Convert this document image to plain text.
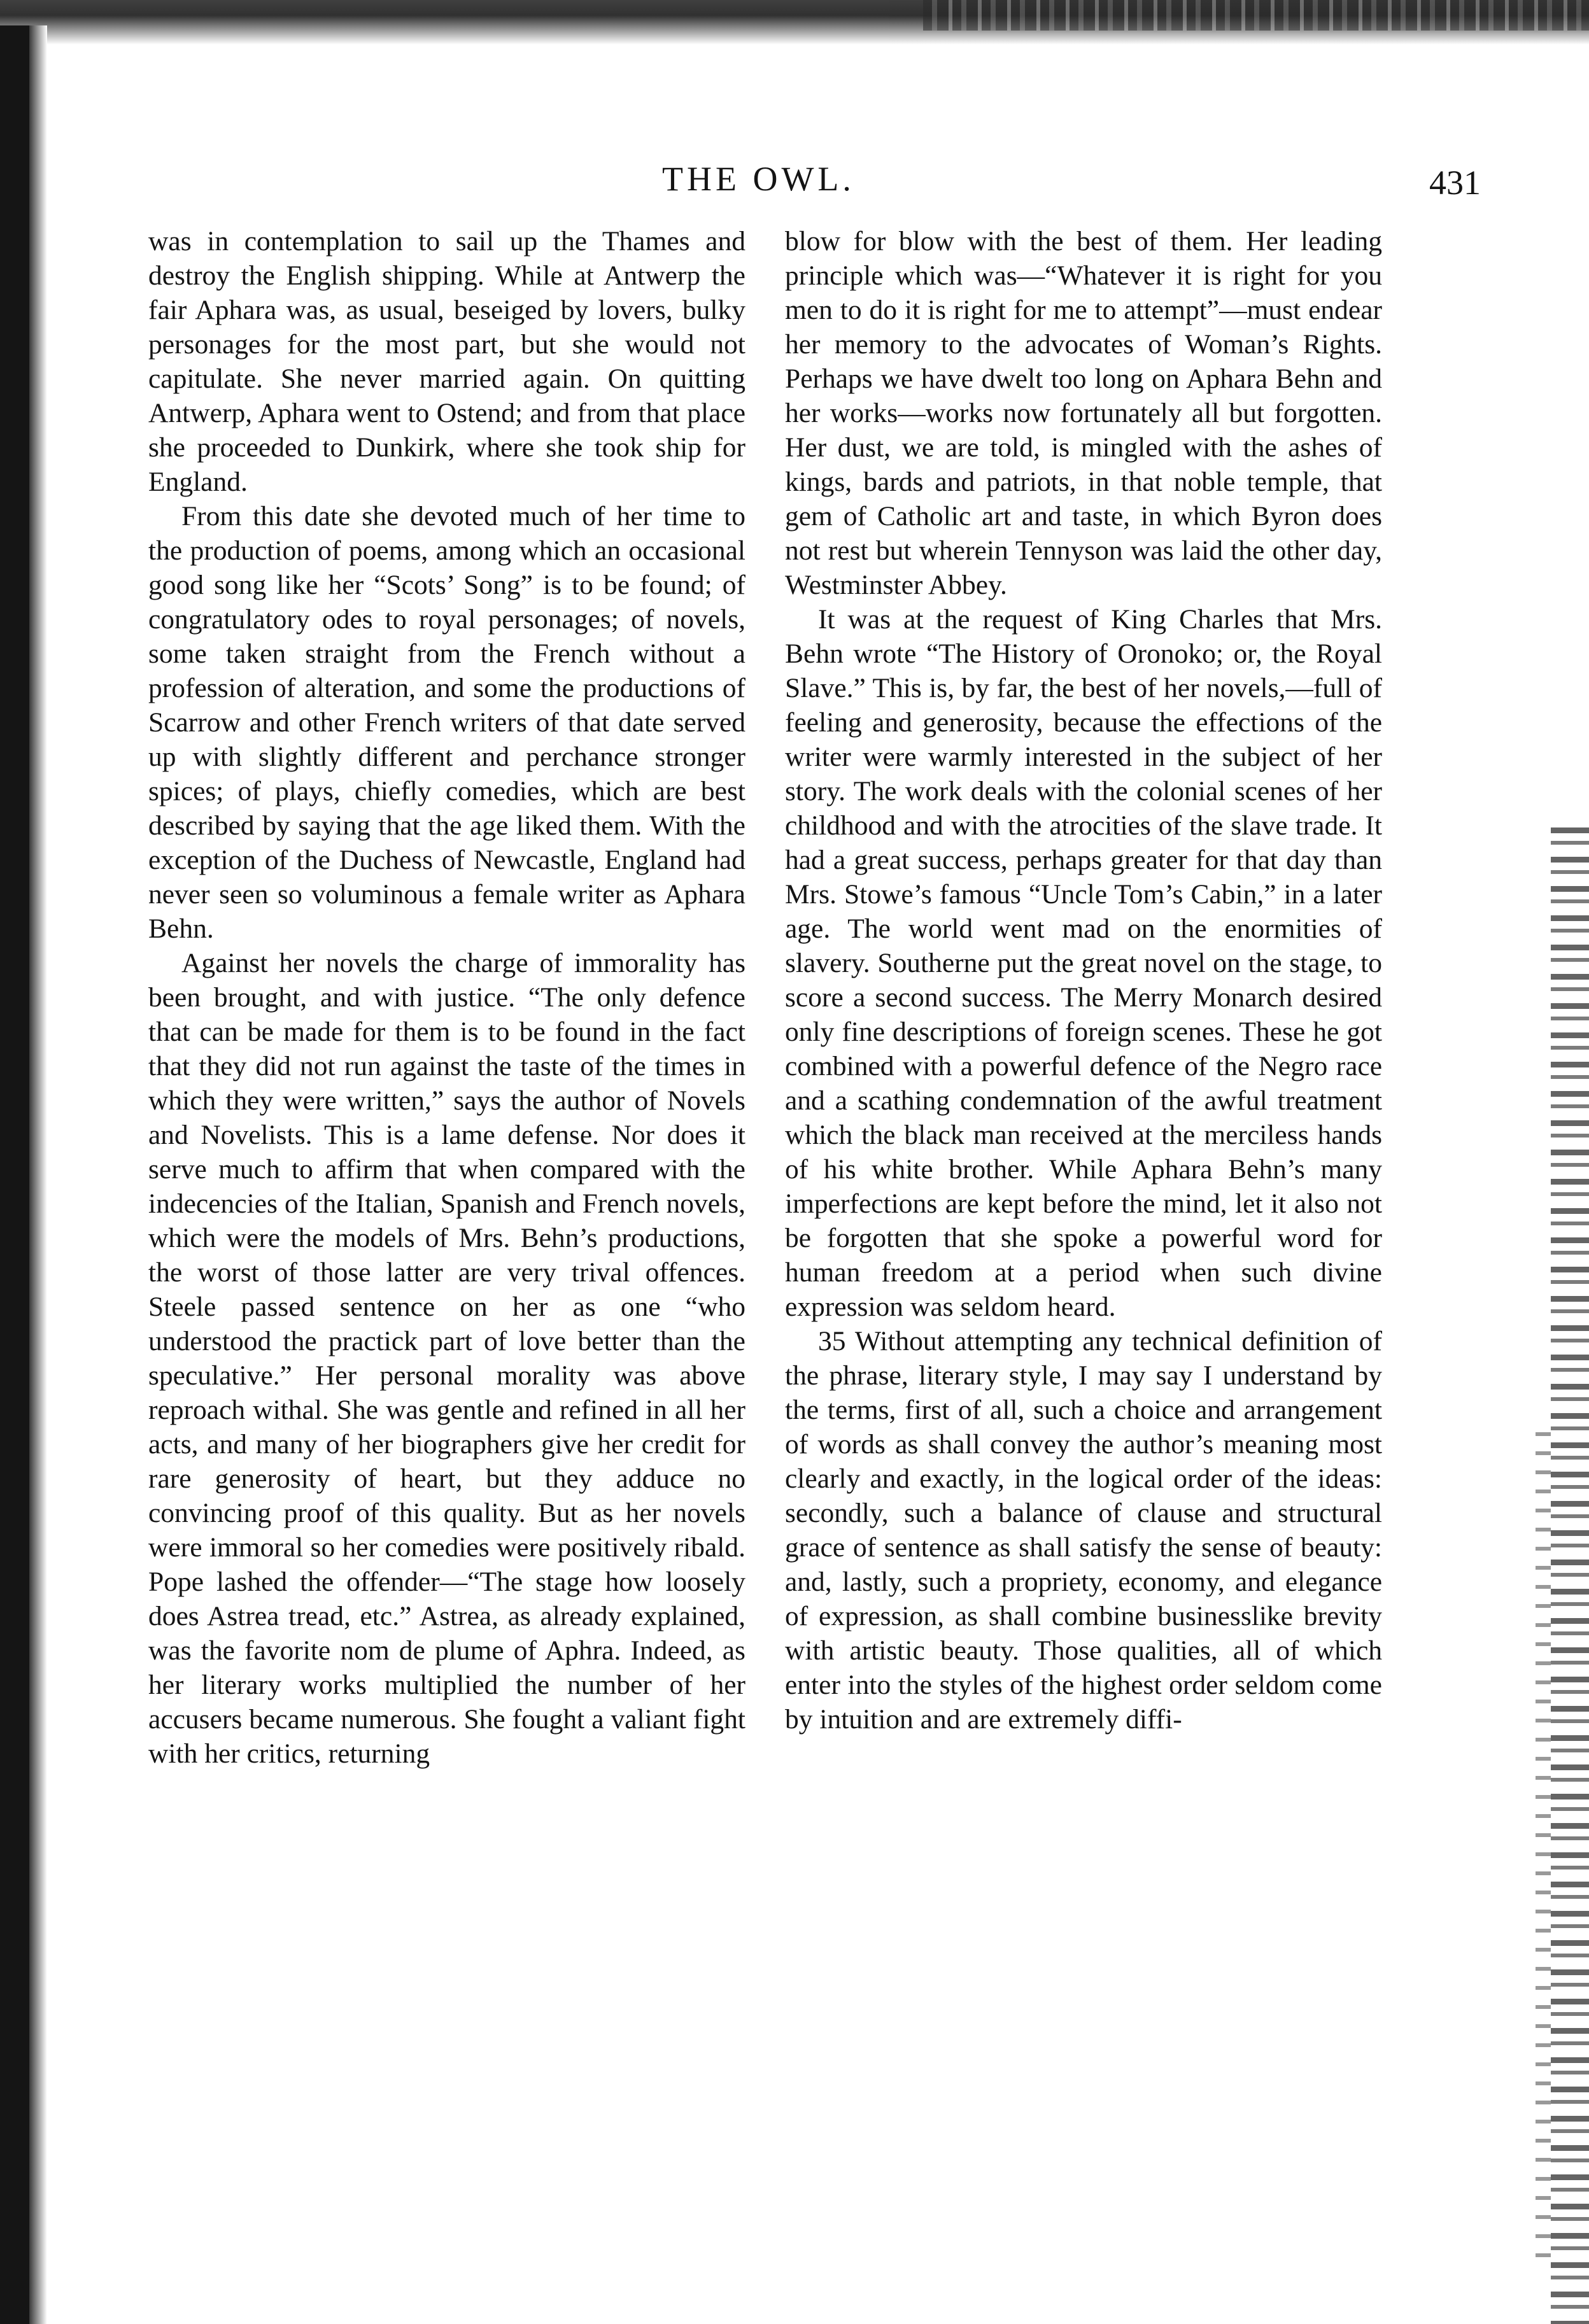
THE OWL.	431

was in contemplation to sail up the Thames and destroy the English shipping. While at Antwerp the fair Aphara was, as usual, beseiged by lovers, bulky personages for the most part, but she would not capitulate. She never married again. On quitting Antwerp, Aphara went to Ostend; and from that place she proceeded to Dunkirk, where she took ship for England.

From this date she devoted much of her time to the production of poems, among which an occasional good song like her “Scots’ Song” is to be found; of congratulatory odes to royal personages; of novels, some taken straight from the French without a profession of alteration, and some the productions of Scarrow and other French writers of that date served up with slightly different and perchance stronger spices; of plays, chiefly comedies, which are best described by saying that the age liked them. With the exception of the Duchess of Newcastle, England had never seen so voluminous a female writer as Aphara Behn.

Against her novels the charge of immorality has been brought, and with justice. “The only defence that can be made for them is to be found in the fact that they did not run against the taste of the times in which they were written,” says the author of Novels and Novelists. This is a lame defense. Nor does it serve much to affirm that when compared with the indecencies of the Italian, Spanish and French novels, which were the models of Mrs. Behn’s productions, the worst of those latter are very trival offences. Steele passed sentence on her as one “who understood the practick part of love better than the speculative.” Her personal morality was above reproach withal. She was gentle and refined in all her acts, and many of her biographers give her credit for rare generosity of heart, but they adduce no convincing proof of this quality. But as her novels were immoral so her comedies were positively ribald. Pope lashed the offender—“The stage how loosely does Astrea tread, etc.” Astrea, as already explained, was the favorite nom de plume of Aphra. Indeed, as her literary works multiplied the number of her accusers became numerous. She fought a valiant fight with her critics, returning

blow for blow with the best of them. Her leading principle which was—“Whatever it is right for you men to do it is right for me to attempt”—must endear her memory to the advocates of Woman’s Rights. Perhaps we have dwelt too long on Aphara Behn and her works—works now fortunately all but forgotten. Her dust, we are told, is mingled with the ashes of kings, bards and patriots, in that noble temple, that gem of Catholic art and taste, in which Byron does not rest but wherein Tennyson was laid the other day, Westminster Abbey.

It was at the request of King Charles that Mrs. Behn wrote “The History of Oronoko; or, the Royal Slave.” This is, by far, the best of her novels,—full of feeling and generosity, because the effections of the writer were warmly interested in the subject of her story. The work deals with the colonial scenes of her childhood and with the atrocities of the slave trade. It had a great success, perhaps greater for that day than Mrs. Stowe’s famous “Uncle Tom’s Cabin,” in a later age. The world went mad on the enormities of slavery. Southerne put the great novel on the stage, to score a second success. The Merry Monarch desired only fine descriptions of foreign scenes. These he got combined with a powerful defence of the Negro race and a scathing condemnation of the awful treatment which the black man received at the merciless hands of his white brother. While Aphara Behn’s many imperfections are kept before the mind, let it also not be forgotten that she spoke a powerful word for human freedom at a period when such divine expression was seldom heard.

35 Without attempting any technical definition of the phrase, literary style, I may say I understand by the terms, first of all, such a choice and arrangement of words as shall convey the author’s meaning most clearly and exactly, in the logical order of the ideas: secondly, such a balance of clause and structural grace of sentence as shall satisfy the sense of beauty: and, lastly, such a propriety, economy, and elegance of expression, as shall combine businesslike brevity with artistic beauty. Those qualities, all of which enter into the styles of the highest order seldom come by intuition and are extremely diffi-
